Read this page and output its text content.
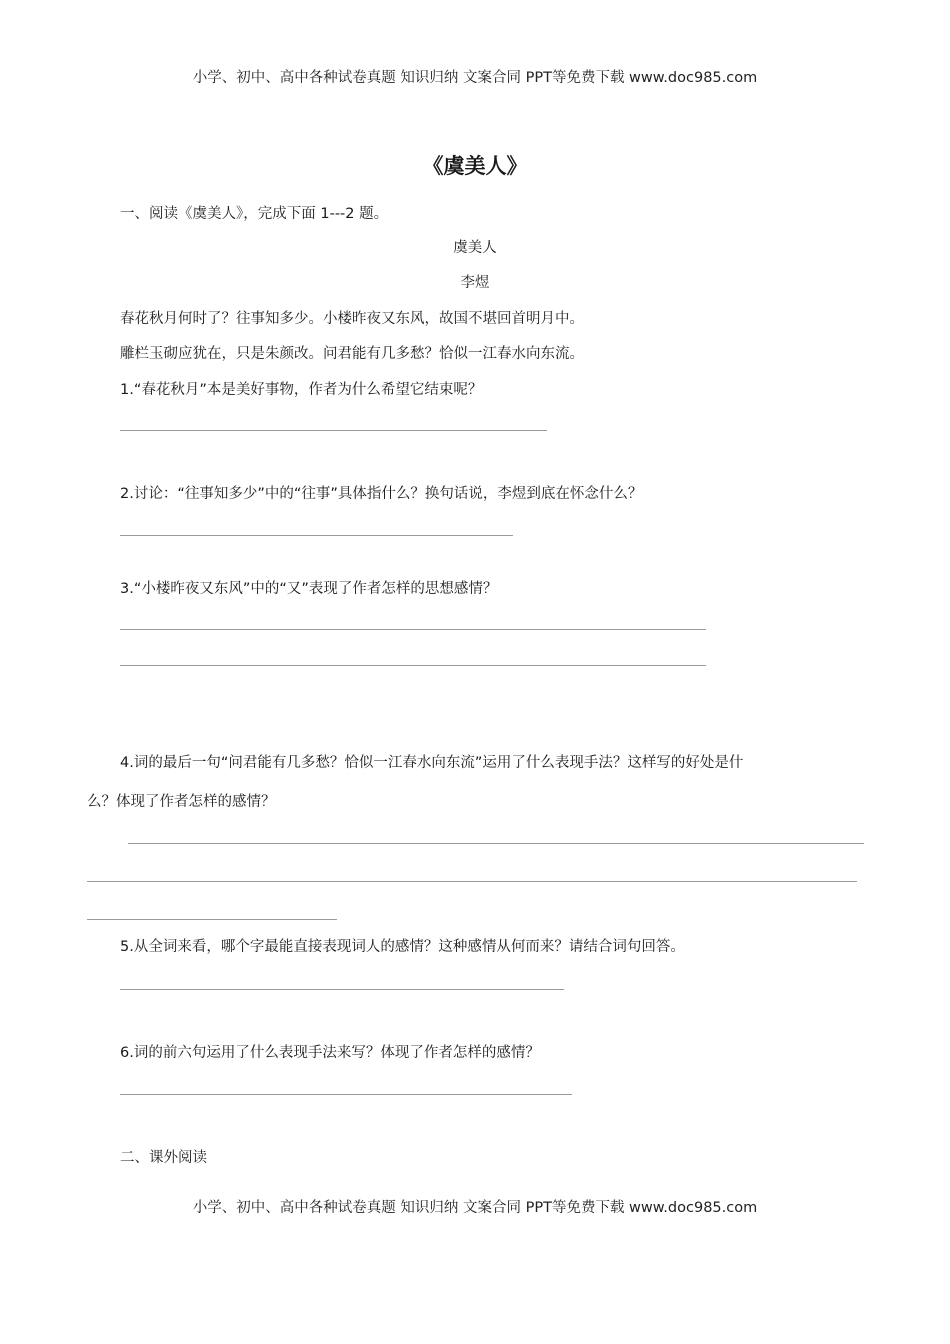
小学、初中、高中各种试卷真题 知识归纳 文案合同 PPT等免费下载 www.doc985.com
《虞美人》
一、阅读《虞美人》，完成下面 1---2 题。
虞美人
李煜
春花秋月何时了？往事知多少。小楼昨夜又东风，故国不堪回首明月中。
雕栏玉砌应犹在，只是朱颜改。问君能有几多愁？恰似一江春水向东流。
1.“春花秋月”本是美好事物，作者为什么希望它结束呢？
2.讨论：“往事知多少”中的“往事”具体指什么？换句话说，李煜到底在怀念什么？
3.“小楼昨夜又东风”中的“又”表现了作者怎样的思想感情？
4.词的最后一句“问君能有几多愁？恰似一江春水向东流”运用了什么表现手法？这样写的好处是什
么？体现了作者怎样的感情？
5.从全词来看，哪个字最能直接表现词人的感情？这种感情从何而来？请结合词句回答。
6.词的前六句运用了什么表现手法来写？体现了作者怎样的感情？
二、课外阅读
小学、初中、高中各种试卷真题 知识归纳 文案合同 PPT等免费下载 www.doc985.com
